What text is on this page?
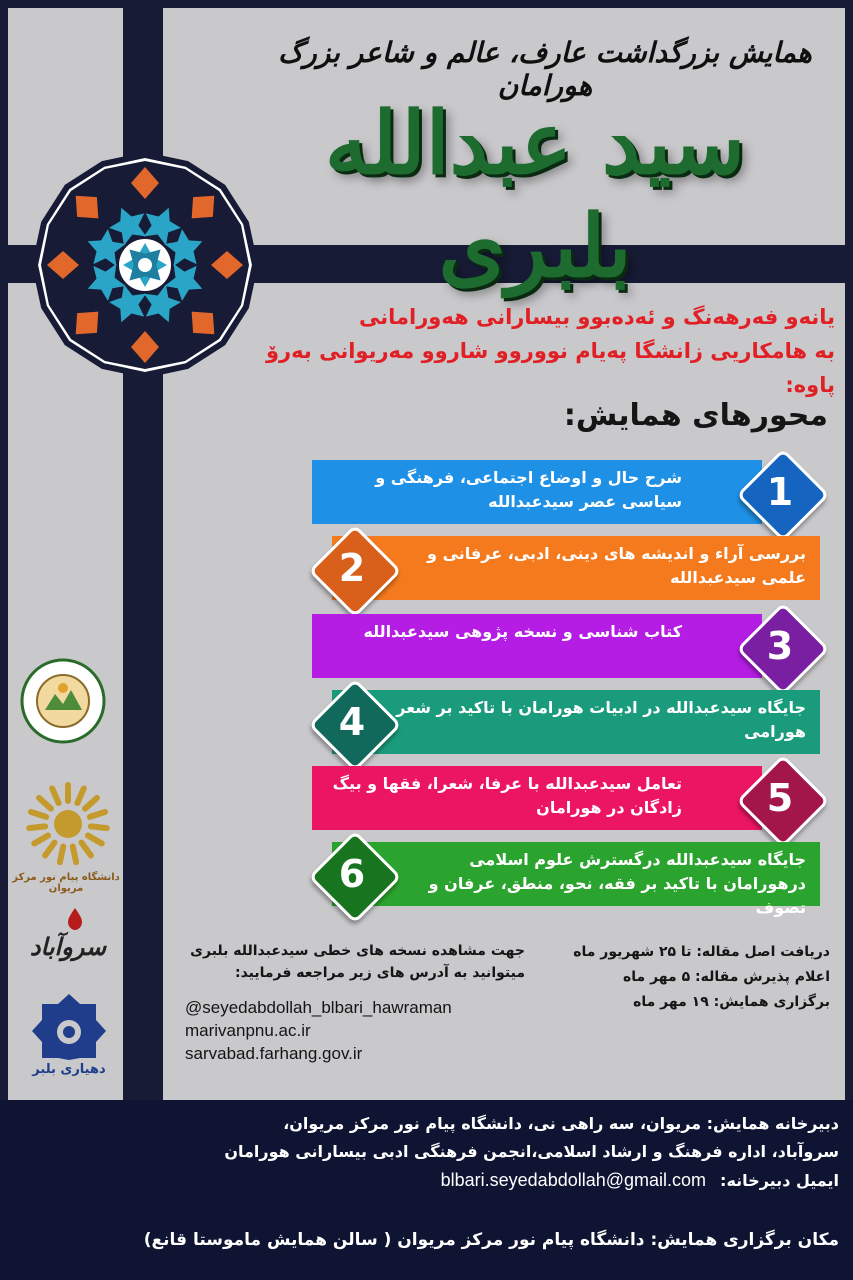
همایش بزرگداشت عارف، عالم و شاعر بزرگ هورامان
سید عبدالله بلبری
یانەو فەرهەنگ و ئەدەبوو بیسارانی هەورامانی
بە هامکاریی زانشگا پەیام نووروو شاروو مەریوانی بەرۆ پاوە:
محورهای همایش:
شرح حال و اوضاع اجتماعی، فرهنگی و سیاسی عصر سیدعبدالله	1
بررسی آراء و اندیشه های دینی، ادبی، عرفانی و علمی سیدعبدالله
2
کتاب شناسی و نسخه پژوهی سیدعبدالله	3
جایگاه سیدعبدالله در ادبیات هورامان با تاکید بر شعر هورامی
4
تعامل سیدعبدالله با عرفا، شعرا، فقها و بیگ زادگان در هورامان	5
جایگاه سیدعبدالله درگسترش علوم اسلامی درهورامان با تاکید بر فقه، نحو، منطق، عرفان و تصوف
6
دانشگاه پیام نور مرکز مریوان
سروآباد
دهیاری بلبر
دریافت اصل مقاله: تا ۲۵ شهریور ماه
اعلام پذیرش مقاله: ۵ مهر ماه
برگزاری همایش: ۱۹ مهر ماه
جهت مشاهده نسخه های خطی سیدعبدالله بلبری
میتوانید به آدرس های زیر مراجعه فرمایید:
@seyedabdollah_blbari_hawraman
marivanpnu.ac.ir
sarvabad.farhang.gov.ir
دبیرخانه همایش: مریوان، سه راهی نی، دانشگاه پیام نور مرکز مریوان،
سروآباد، اداره فرهنگ و ارشاد اسلامی،انجمن فرهنگی ادبی بیسارانی هورامان
blbari.seyedabdollah@gmail.com ایمیل دبیرخانه:
مکان برگزاری همایش: دانشگاه پیام نور مرکز مریوان ( سالن همایش ماموستا قانع)
